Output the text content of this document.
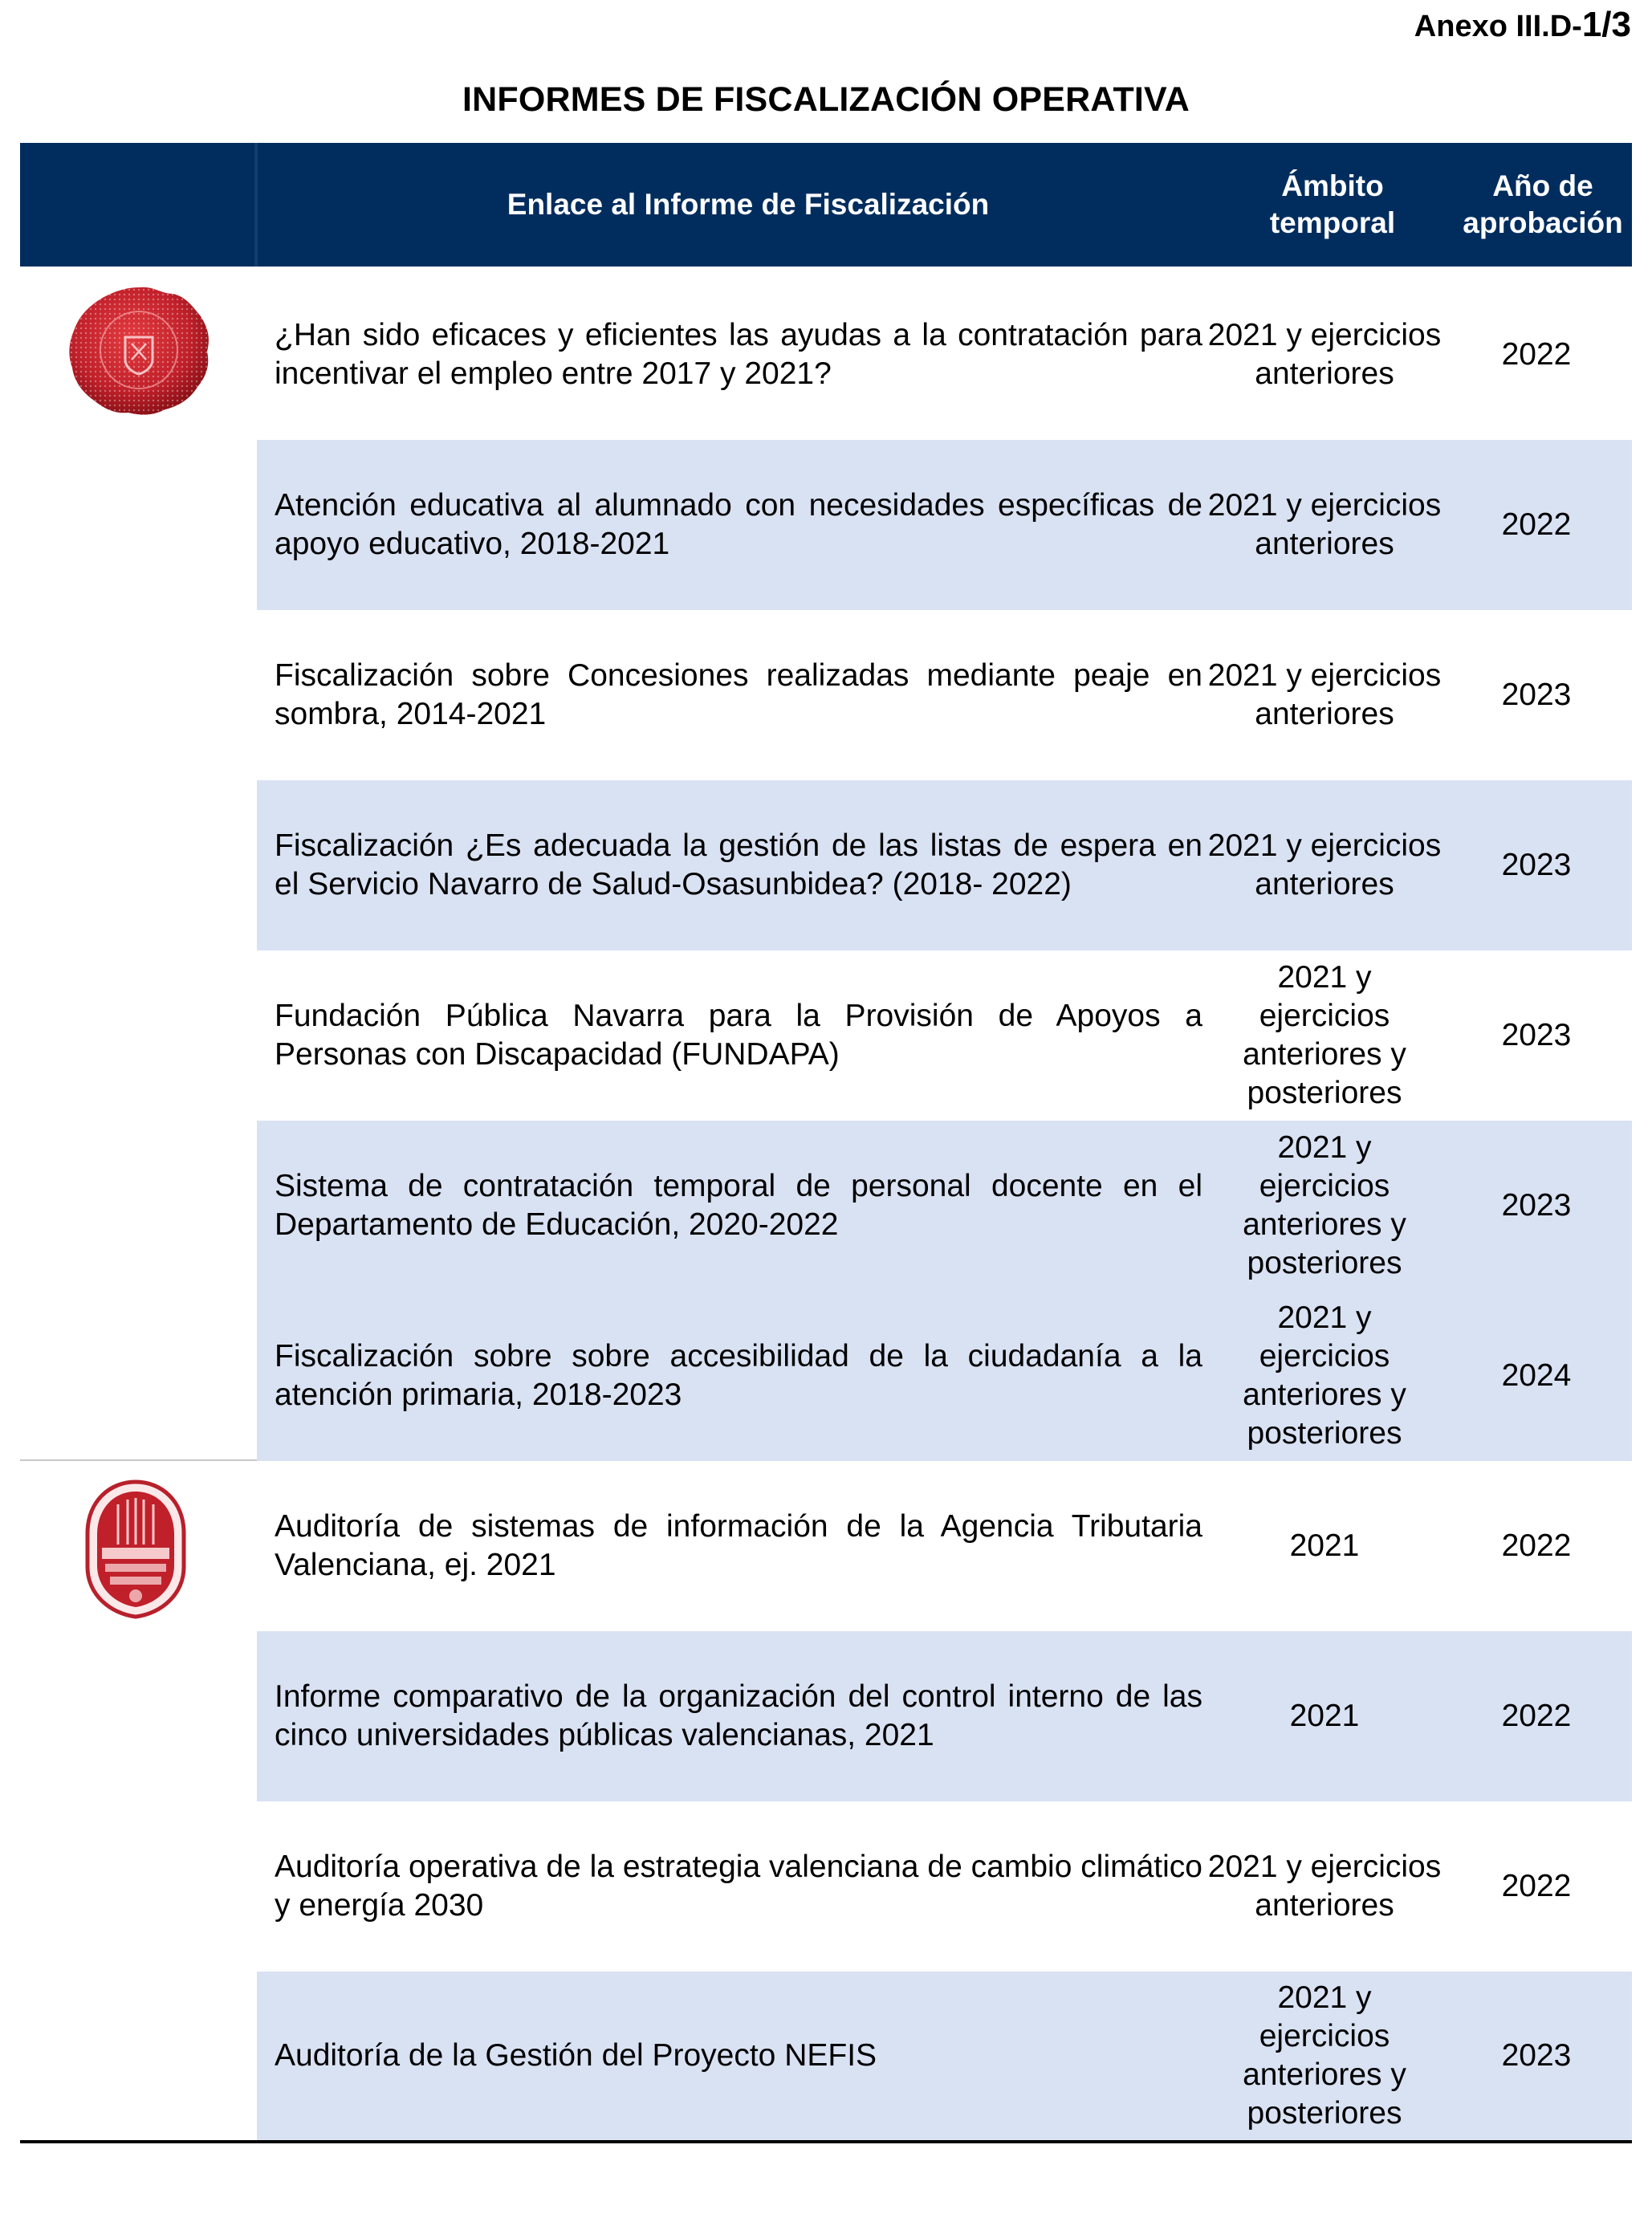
Anexo III.D-1/3
INFORMES DE FISCALIZACIÓN OPERATIVA
Enlace al Informe de Fiscalización
Ámbito temporal
Año de aprobación
¿Han sido eficaces y eficientes las ayudas a la contratación para incentivar el empleo entre 2017 y 2021?
2021 y ejercicios anteriores
2022
Atención educativa al alumnado con necesidades específicas de apoyo educativo, 2018-2021
2021 y ejercicios anteriores
2022
Fiscalización sobre Concesiones realizadas mediante peaje en sombra, 2014-2021
2021 y ejercicios anteriores
2023
Fiscalización ¿Es adecuada la gestión de las listas de espera en el Servicio Navarro de Salud-Osasunbidea? (2018- 2022)
2021 y ejercicios anteriores
2023
Fundación Pública Navarra para la Provisión de Apoyos a Personas con Discapacidad (FUNDAPA)
2021 y ejercicios anteriores y posteriores
2023
Sistema de contratación temporal de personal docente en el Departamento de Educación, 2020-2022
2021 y ejercicios anteriores y posteriores
2023
Fiscalización sobre sobre accesibilidad de la ciudadanía a la atención primaria, 2018-2023
2021 y ejercicios anteriores y posteriores
2024
Auditoría de sistemas de información de la Agencia Tributaria Valenciana, ej. 2021
2021	2022
Informe comparativo de la organización del control interno de las cinco universidades públicas valencianas, 2021
2021	2022
Auditoría operativa de la estrategia valenciana de cambio climático y energía 2030
2021 y ejercicios anteriores
2022
Auditoría de la Gestión del Proyecto NEFIS
2021 y ejercicios anteriores y posteriores
2023
